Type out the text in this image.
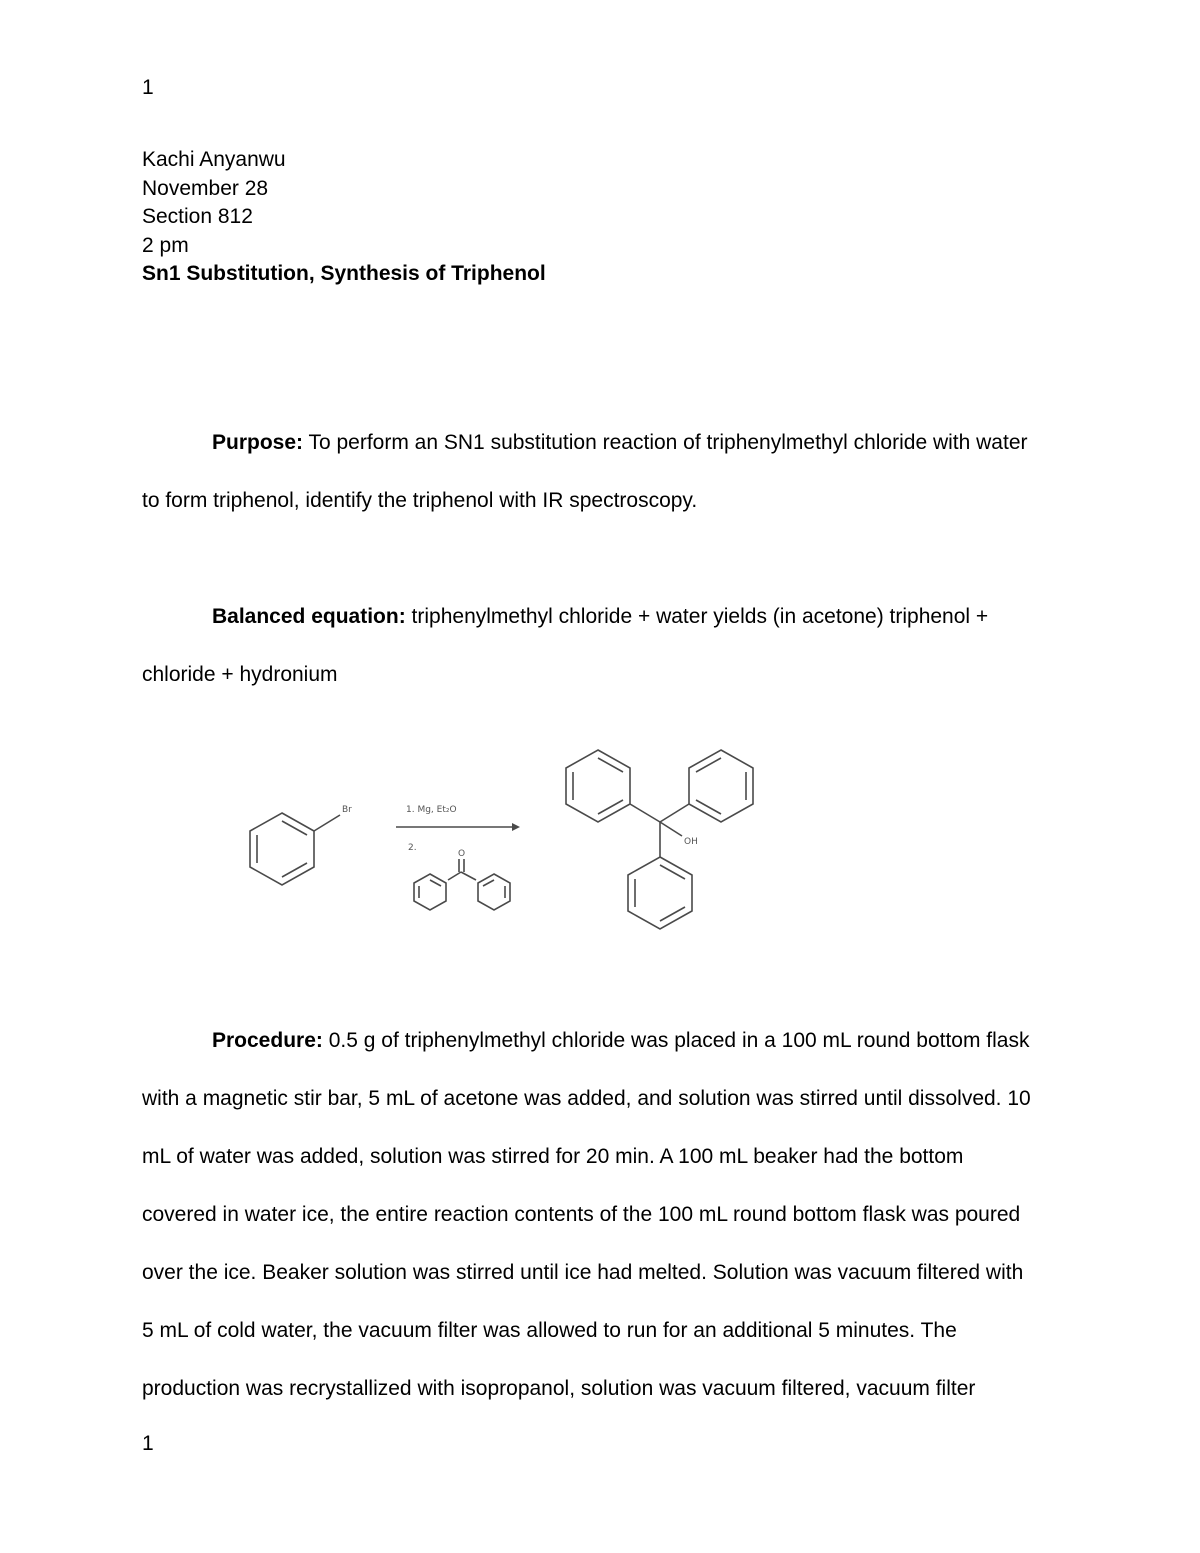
1
Kachi Anyanwu
November 28
Section 812
2 pm
Sn1 Substitution, Synthesis of Triphenol
Purpose: To perform an SN1 substitution reaction of triphenylmethyl chloride with water
to form triphenol, identify the triphenol with IR spectroscopy.
Balanced equation: triphenylmethyl chloride + water yields (in acetone) triphenol +
chloride + hydronium
Br	1. Mg, Et₂O
2.
O
OH
Procedure: 0.5 g of triphenylmethyl chloride was placed in a 100 mL round bottom flask
with a magnetic stir bar, 5 mL of acetone was added, and solution was stirred until dissolved. 10
mL of water was added, solution was stirred for 20 min. A 100 mL beaker had the bottom
covered in water ice, the entire reaction contents of the 100 mL round bottom flask was poured
over the ice. Beaker solution was stirred until ice had melted. Solution was vacuum filtered with
5 mL of cold water, the vacuum filter was allowed to run for an additional 5 minutes. The
production was recrystallized with isopropanol, solution was vacuum filtered, vacuum filter
1
